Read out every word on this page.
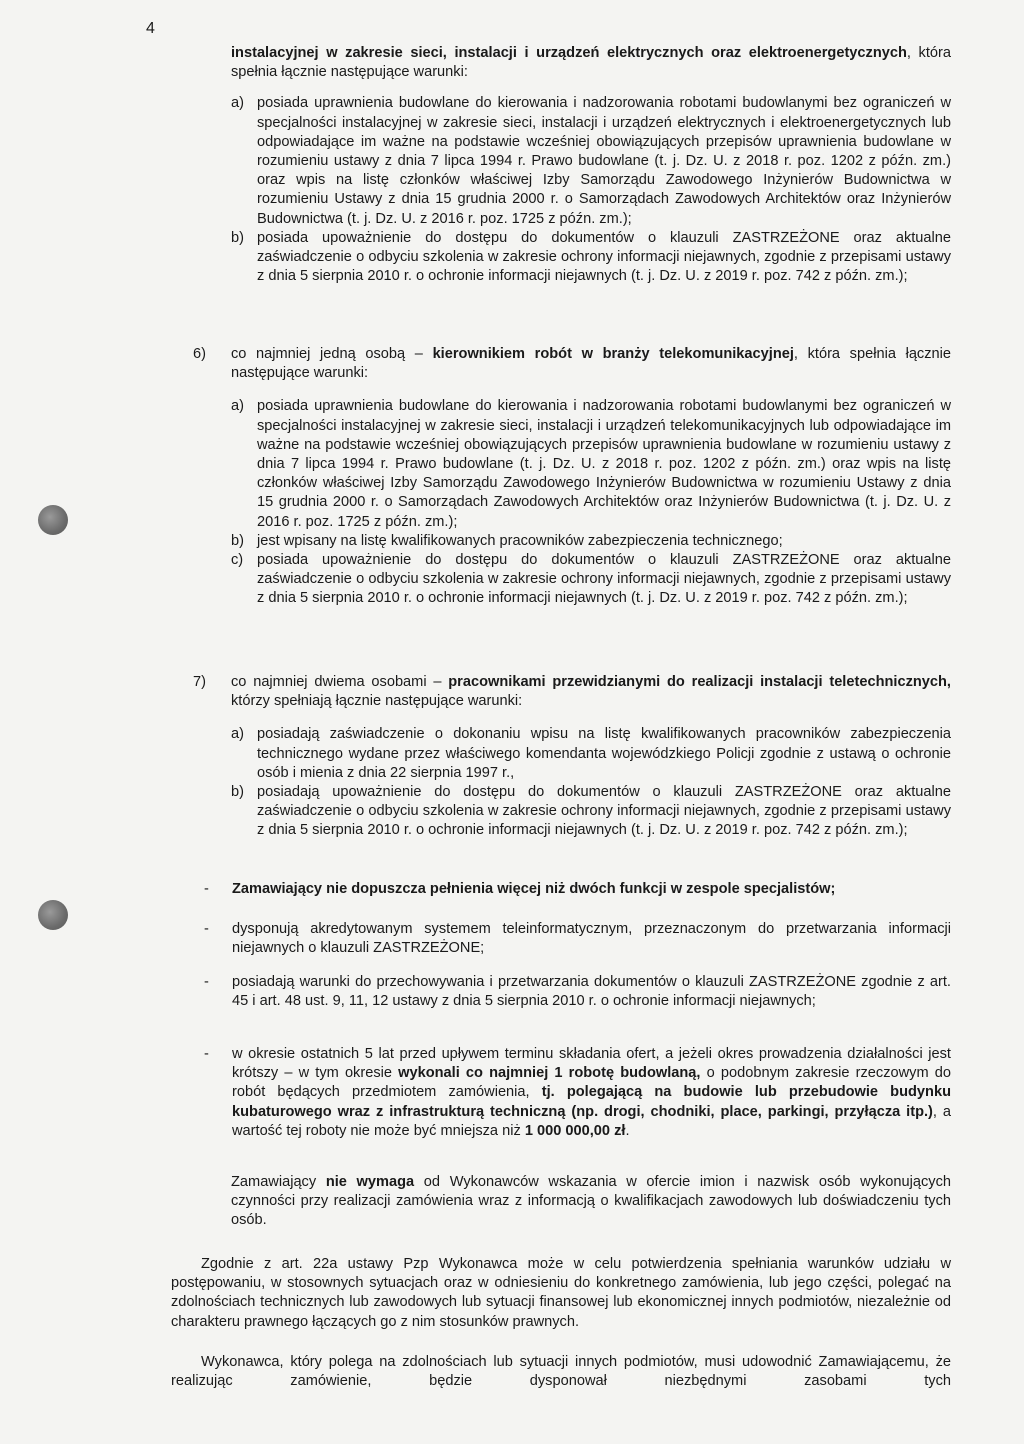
4

instalacyjnej w zakresie sieci, instalacji i urządzeń elektrycznych oraz elektroenergetycznych, która spełnia łącznie następujące warunki:

a) posiada uprawnienia budowlane do kierowania i nadzorowania robotami budowlanymi bez ograniczeń w specjalności instalacyjnej w zakresie sieci, instalacji i urządzeń elektrycznych i elektroenergetycznych lub odpowiadające im ważne na podstawie wcześniej obowiązujących przepisów uprawnienia budowlane w rozumieniu ustawy z dnia 7 lipca 1994 r. Prawo budowlane (t. j. Dz. U. z 2018 r. poz. 1202 z późn. zm.) oraz wpis na listę członków właściwej Izby Samorządu Zawodowego Inżynierów Budownictwa w rozumieniu Ustawy z dnia 15 grudnia 2000 r. o Samorządach Zawodowych Architektów oraz Inżynierów Budownictwa (t. j. Dz. U. z 2016 r. poz. 1725 z późn. zm.);
b) posiada upoważnienie do dostępu do dokumentów o klauzuli ZASTRZEŻONE oraz aktualne zaświadczenie o odbyciu szkolenia w zakresie ochrony informacji niejawnych, zgodnie z przepisami ustawy z dnia 5 sierpnia 2010 r. o ochronie informacji niejawnych (t. j. Dz. U. z 2019 r. poz. 742 z późn. zm.);
6)	co najmniej jedną osobą – kierownikiem robót w branży telekomunikacyjnej, która spełnia łącznie następujące warunki:

a) posiada uprawnienia budowlane do kierowania i nadzorowania robotami budowlanymi bez ograniczeń w specjalności instalacyjnej w zakresie sieci, instalacji i urządzeń telekomunikacyjnych lub odpowiadające im ważne na podstawie wcześniej obowiązujących przepisów uprawnienia budowlane w rozumieniu ustawy z dnia 7 lipca 1994 r. Prawo budowlane (t. j. Dz. U. z 2018 r. poz. 1202 z późn. zm.) oraz wpis na listę członków właściwej Izby Samorządu Zawodowego Inżynierów Budownictwa w rozumieniu Ustawy z dnia 15 grudnia 2000 r. o Samorządach Zawodowych Architektów oraz Inżynierów Budownictwa (t. j. Dz. U. z 2016 r. poz. 1725 z późn. zm.);
b) jest wpisany na listę kwalifikowanych pracowników zabezpieczenia technicznego;
c) posiada upoważnienie do dostępu do dokumentów o klauzuli ZASTRZEŻONE oraz aktualne zaświadczenie o odbyciu szkolenia w zakresie ochrony informacji niejawnych, zgodnie z przepisami ustawy z dnia 5 sierpnia 2010 r. o ochronie informacji niejawnych (t. j. Dz. U. z 2019 r. poz. 742 z późn. zm.);
7)	co najmniej dwiema osobami – pracownikami przewidzianymi do realizacji instalacji teletechnicznych, którzy spełniają łącznie następujące warunki:

a) posiadają zaświadczenie o dokonaniu wpisu na listę kwalifikowanych pracowników zabezpieczenia technicznego wydane przez właściwego komendanta wojewódzkiego Policji zgodnie z ustawą o ochronie osób i mienia z dnia 22 sierpnia 1997 r.,
b) posiadają upoważnienie do dostępu do dokumentów o klauzuli ZASTRZEŻONE oraz aktualne zaświadczenie o odbyciu szkolenia w zakresie ochrony informacji niejawnych, zgodnie z przepisami ustawy z dnia 5 sierpnia 2010 r. o ochronie informacji niejawnych (t. j. Dz. U. z 2019 r. poz. 742 z późn. zm.);
-	Zamawiający nie dopuszcza pełnienia więcej niż dwóch funkcji w zespole specjalistów;

-	dysponują akredytowanym systemem teleinformatycznym, przeznaczonym do przetwarzania informacji niejawnych o klauzuli ZASTRZEŻONE;

-	posiadają warunki do przechowywania i przetwarzania dokumentów o klauzuli ZASTRZEŻONE zgodnie z art. 45 i art. 48 ust. 9, 11, 12 ustawy z dnia 5 sierpnia 2010 r. o ochronie informacji niejawnych;

-	w okresie ostatnich 5 lat przed upływem terminu składania ofert, a jeżeli okres prowadzenia działalności jest krótszy – w tym okresie wykonali co najmniej 1 robotę budowlaną, o podobnym zakresie rzeczowym do robót będących przedmiotem zamówienia, tj. polegającą na budowie lub przebudowie budynku kubaturowego wraz z infrastrukturą techniczną (np. drogi, chodniki, place, parkingi, przyłącza itp.), a wartość tej roboty nie może być mniejsza niż 1 000 000,00 zł.

Zamawiający nie wymaga od Wykonawców wskazania w ofercie imion i nazwisk osób wykonujących czynności przy realizacji zamówienia wraz z informacją o kwalifikacjach zawodowych lub doświadczeniu tych osób.

Zgodnie z art. 22a ustawy Pzp Wykonawca może w celu potwierdzenia spełniania warunków udziału w postępowaniu, w stosownych sytuacjach oraz w odniesieniu do konkretnego zamówienia, lub jego części, polegać na zdolnościach technicznych lub zawodowych lub sytuacji finansowej lub ekonomicznej innych podmiotów, niezależnie od charakteru prawnego łączących go z nim stosunków prawnych.

Wykonawca, który polega na zdolnościach lub sytuacji innych podmiotów, musi udowodnić Zamawiającemu, że realizując zamówienie, będzie dysponował niezbędnymi zasobami tych
